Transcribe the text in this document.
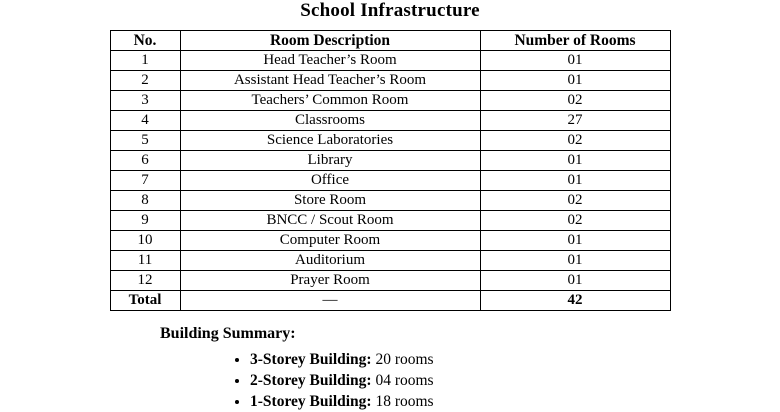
School Infrastructure
No.	Room Description	Number of Rooms
1	Head Teacher’s Room	01
2	Assistant Head Teacher’s Room	01
3	Teachers’ Common Room	02
4	Classrooms	27
5	Science Laboratories	02
6	Library	01
7	Office	01
8	Store Room	02
9	BNCC / Scout Room	02
10	Computer Room	01
11	Auditorium	01
12	Prayer Room	01
Total	—	42
Building Summary:
• 3-Storey Building: 20 rooms
• 2-Storey Building: 04 rooms
• 1-Storey Building: 18 rooms
